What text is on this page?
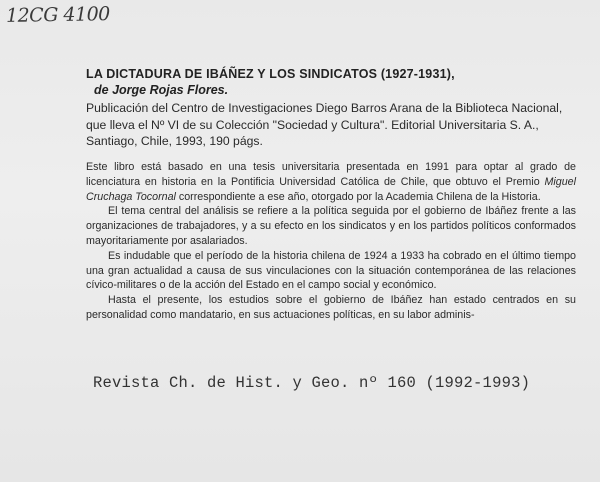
12CG 4100

LA DICTADURA DE IBÁÑEZ Y LOS SINDICATOS (1927-1931),

de Jorge Rojas Flores.

Publicación del Centro de Investigaciones Diego Barros Arana de la Biblioteca Nacional, que lleva el Nº VI de su Colección "Sociedad y Cultura". Editorial Universitaria S. A., Santiago, Chile, 1993, 190 págs.

Este libro está basado en una tesis universitaria presentada en 1991 para optar al grado de licenciatura en historia en la Pontificia Universidad Católica de Chile, que obtuvo el Premio Miguel Cruchaga Tocornal correspondiente a ese año, otorgado por la Academia Chilena de la Historia.

El tema central del análisis se refiere a la política seguida por el gobierno de Ibáñez frente a las organizaciones de trabajadores, y a su efecto en los sindicatos y en los partidos políticos conformados mayoritariamente por asalariados.

Es indudable que el período de la historia chilena de 1924 a 1933 ha cobrado en el último tiempo una gran actualidad a causa de sus vinculaciones con la situación contemporánea de las relaciones cívico-militares o de la acción del Estado en el campo social y económico.

Hasta el presente, los estudios sobre el gobierno de Ibáñez han estado centrados en su personalidad como mandatario, en sus actuaciones políticas, en su labor adminis-

Revista Ch. de Hist. y Geo. nº 160 (1992-1993)
